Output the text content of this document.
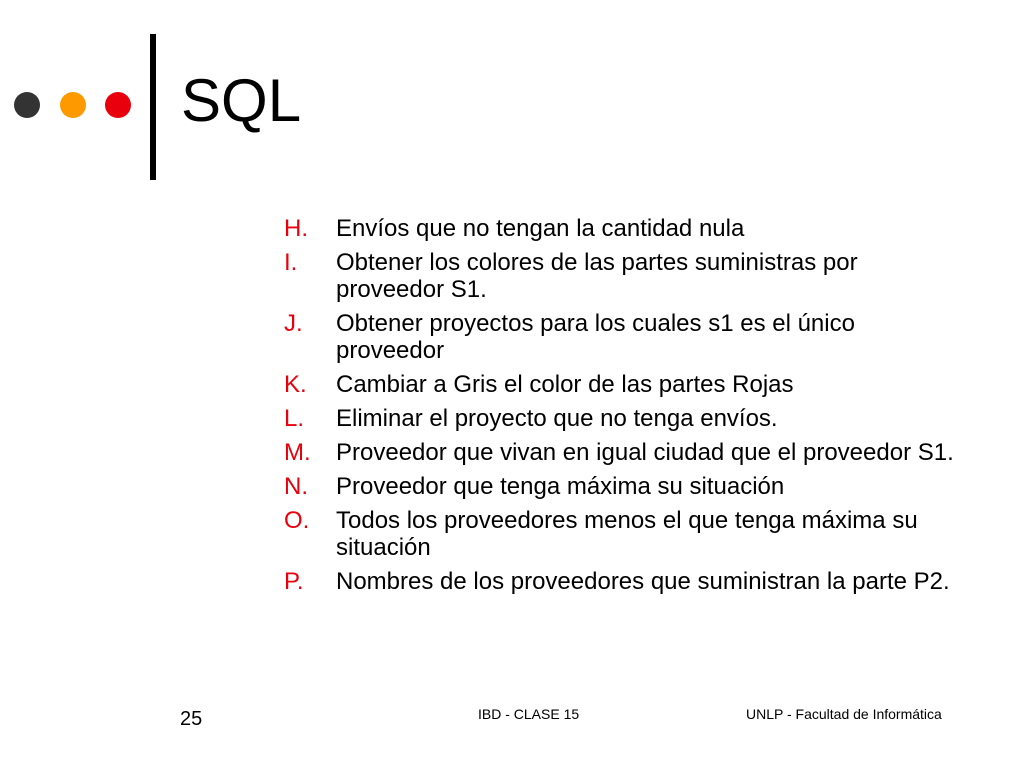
SQL
H.	Envíos que no tengan la cantidad nula
I.	Obtener los colores de las partes suministras por proveedor S1.
J.	Obtener proyectos para los cuales s1 es el único proveedor
K.	Cambiar a Gris el color de las partes Rojas
L.	Eliminar el proyecto que no tenga envíos.
M.	Proveedor que vivan en igual ciudad que el proveedor S1.
N.	Proveedor que tenga máxima su situación
O.	Todos los proveedores menos el que tenga máxima su situación
P.	Nombres de los proveedores que suministran la parte P2.
25	IBD - CLASE 15	UNLP - Facultad de Informática
